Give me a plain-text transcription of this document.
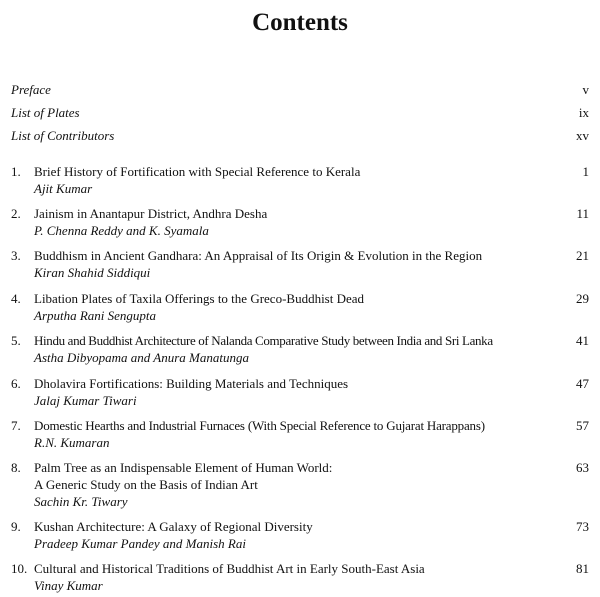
Contents
Preface	v
List of Plates	ix
List of Contributors	xv
1. Brief History of Fortification with Special Reference to Kerala
Ajit Kumar
1
2. Jainism in Anantapur District, Andhra Desha
P. Chenna Reddy and K. Syamala
11
3. Buddhism in Ancient Gandhara: An Appraisal of Its Origin & Evolution in the Region
Kiran Shahid Siddiqui
21
4. Libation Plates of Taxila Offerings to the Greco-Buddhist Dead
Arputha Rani Sengupta
29
5. Hindu and Buddhist Architecture of Nalanda Comparative Study between India and Sri Lanka
Astha Dibyopama and Anura Manatunga
41
6. Dholavira Fortifications: Building Materials and Techniques
Jalaj Kumar Tiwari
47
7. Domestic Hearths and Industrial Furnaces (With Special Reference to Gujarat Harappans)
R.N. Kumaran
57
8. Palm Tree as an Indispensable Element of Human World:
A Generic Study on the Basis of Indian Art
Sachin Kr. Tiwary
63
9. Kushan Architecture: A Galaxy of Regional Diversity
Pradeep Kumar Pandey and Manish Rai
73
10. Cultural and Historical Traditions of Buddhist Art in Early South-East Asia
Vinay Kumar
81
